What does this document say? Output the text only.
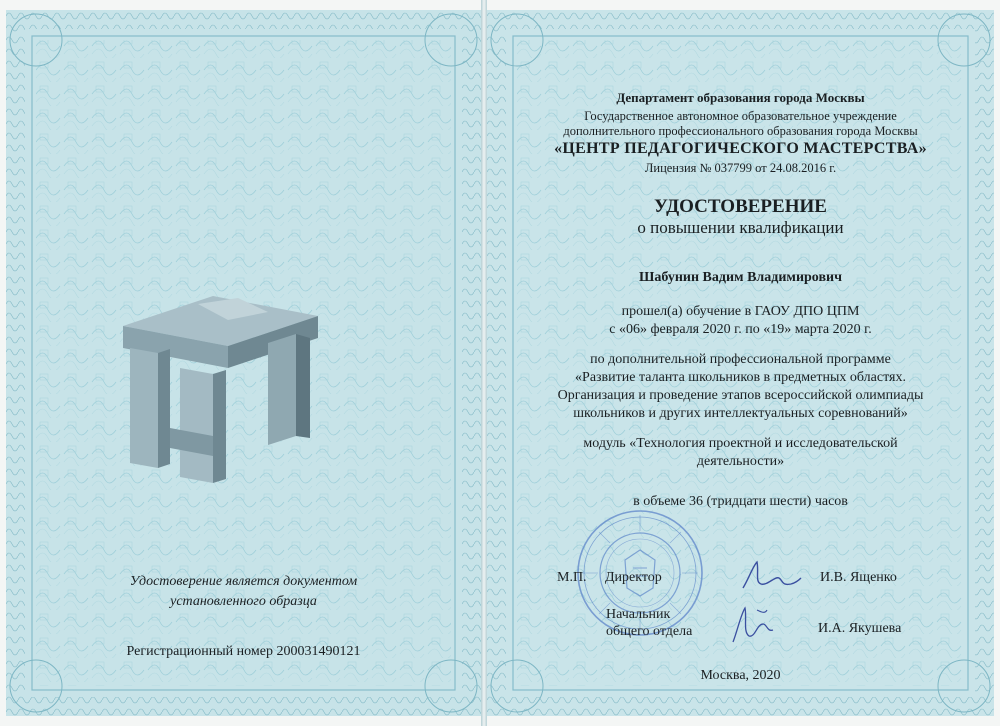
Удостоверение является документом
установленного образца
Регистрационный номер 200031490121
Департамент образования города Москвы
Государственное автономное образовательное учреждение
дополнительного профессионального образования города Москвы
«ЦЕНТР ПЕДАГОГИЧЕСКОГО МАСТЕРСТВА»
Лицензия № 037799 от 24.08.2016 г.
УДОСТОВЕРЕНИЕ
о повышении квалификации
Шабунин Вадим Владимирович
прошел(а) обучение в ГАОУ ДПО ЦПМ
с «06» февраля 2020 г. по «19» марта 2020 г.
по дополнительной профессиональной программе
«Развитие таланта школьников в предметных областях.
Организация и проведение этапов всероссийской олимпиады
школьников и других интеллектуальных соревнований»
модуль «Технология проектной и исследовательской
деятельности»
в объеме 36 (тридцати шести) часов
М.П. Директор	И.В. Ященко
Начальник
общего отдела	И.А. Якушева
Москва, 2020
